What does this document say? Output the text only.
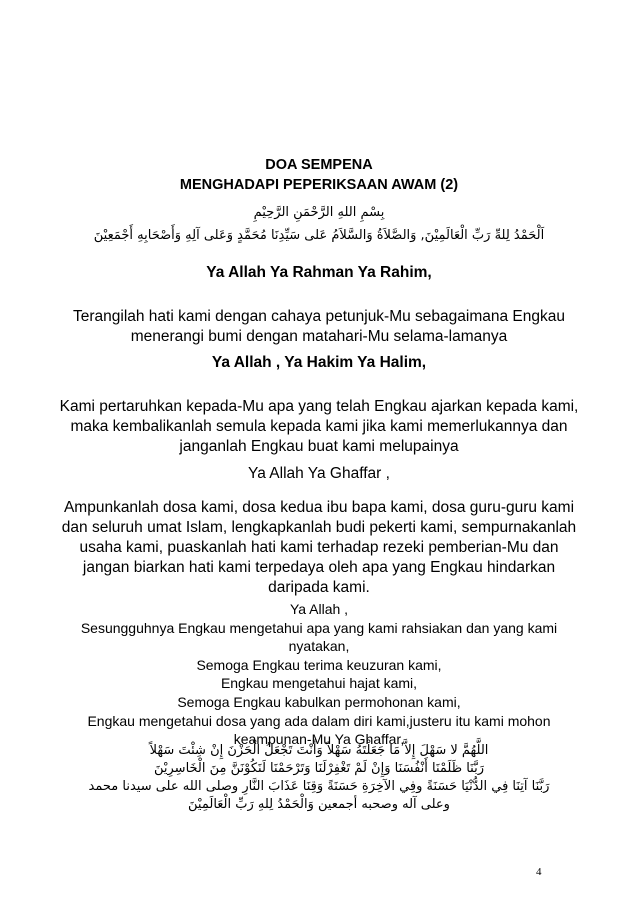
DOA SEMPENA
MENGHADAPI PEPERIKSAAN AWAM (2)
بِسْمِ اللهِ الرَّحْمَنِ الرَّحِيْمِ
اَلْحَمْدُ لِلهِّ رَبِّ الْعَالَمِيْنَ, وَالصَّلاَةُ وَالسَّلاَمُ عَلى سَيِّدِنَا مُحَمَّدٍ وَعَلى آلِهِ وَأَصْحَابِهِ أَجْمَعِيْنَ
Ya Allah Ya Rahman Ya Rahim,
Terangilah hati kami dengan cahaya petunjuk-Mu sebagaimana Engkau
menerangi bumi dengan matahari-Mu selama-lamanya
Ya Allah , Ya Hakim Ya Halim,
Kami pertaruhkan kepada-Mu apa yang telah Engkau ajarkan kepada kami,
maka kembalikanlah semula kepada kami jika kami memerlukannya dan
janganlah Engkau buat kami melupainya
Ya Allah Ya Ghaffar ,
Ampunkanlah dosa kami, dosa kedua ibu bapa kami, dosa guru-guru kami
dan seluruh umat Islam, lengkapkanlah budi pekerti kami, sempurnakanlah
usaha kami, puaskanlah hati kami terhadap rezeki pemberian-Mu dan
jangan biarkan hati kami terpedaya oleh apa yang Engkau hindarkan
daripada kami.
Ya Allah ,
Sesungguhnya Engkau mengetahui apa yang kami rahsiakan dan yang kami
nyatakan,
Semoga Engkau terima keuzuran kami,
Engkau mengetahui hajat kami,
Semoga Engkau kabulkan permohonan kami,
Engkau mengetahui dosa yang ada dalam diri kami,justeru itu kami mohon
keampunan-Mu Ya Ghaffar,
اللَّهُمَّ لا سَهْلَ إِلاَّ مَا جَعَلْتَهُ سَهْلاً وَأَنْتَ تَجْعَلُ الْحَزْنَ إِنْ شِئْتَ سَهْلاً
رَبَّنَا ظَلَمْنَا أَنْفُسَنَا وَإِنْ لَمْ تَغْفِرْلَنَا وَتَرْحَمْنَا لَنَكُوْنَنَّ مِنَ الْخَاسِرِيْنَ
رَبَّنَا آتِنَا فِي الدُّنْيَا حَسَنَةً وفِي الآخِرَةِ حَسَنَةً وَقِنَا عَذَابَ النَّارِ وصلى الله على سيدنا محمد
وعلى آله وصحبه أجمعين وَالْحَمْدُ لِلهِ رَبِّ الْعَالَمِيْنَ
4
